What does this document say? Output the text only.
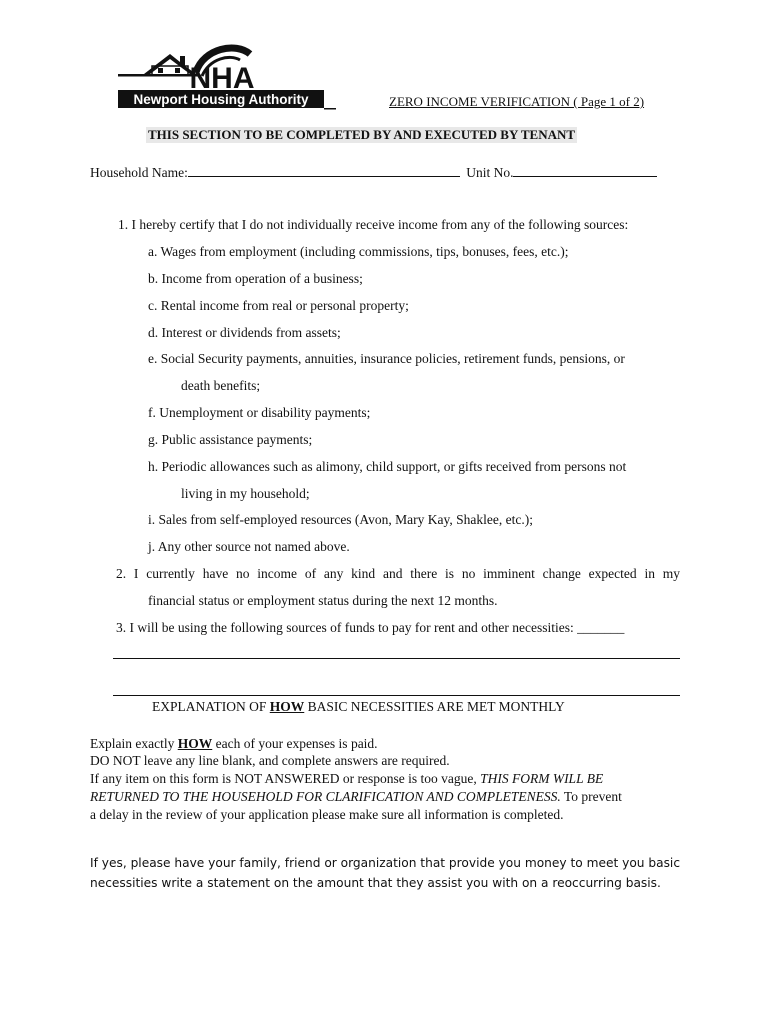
NHA
Newport Housing Authority	ZERO INCOME VERIFICATION ( Page 1 of 2)
THIS SECTION TO BE COMPLETED BY AND EXECUTED BY TENANT
Household Name:	Unit No.
1. I hereby certify that I do not individually receive income from any of the following sources:
a. Wages from employment (including commissions, tips, bonuses, fees, etc.);
b. Income from operation of a business;
c. Rental income from real or personal property;
d. Interest or dividends from assets;
e. Social Security payments, annuities, insurance policies, retirement funds, pensions, or
death benefits;
f. Unemployment or disability payments;
g. Public assistance payments;
h. Periodic allowances such as alimony, child support, or gifts received from persons not
living in my household;
i. Sales from self-employed resources (Avon, Mary Kay, Shaklee, etc.);
j. Any other source not named above.
2. I currently have no income of any kind and there is no imminent change expected in my
financial status or employment status during the next 12 months.
3. I will be using the following sources of funds to pay for rent and other necessities: _______
EXPLANATION OF HOW BASIC NECESSITIES ARE MET MONTHLY
Explain exactly HOW each of your expenses is paid.
DO NOT leave any line blank, and complete answers are required.
If any item on this form is NOT ANSWERED or response is too vague, THIS FORM WILL BE
RETURNED TO THE HOUSEHOLD FOR CLARIFICATION AND COMPLETENESS. To prevent
a delay in the review of your application please make sure all information is completed.
If yes, please have your family, friend or organization that provide you money to meet you basic
necessities write a statement on the amount that they assist you with on a reoccurring basis.
